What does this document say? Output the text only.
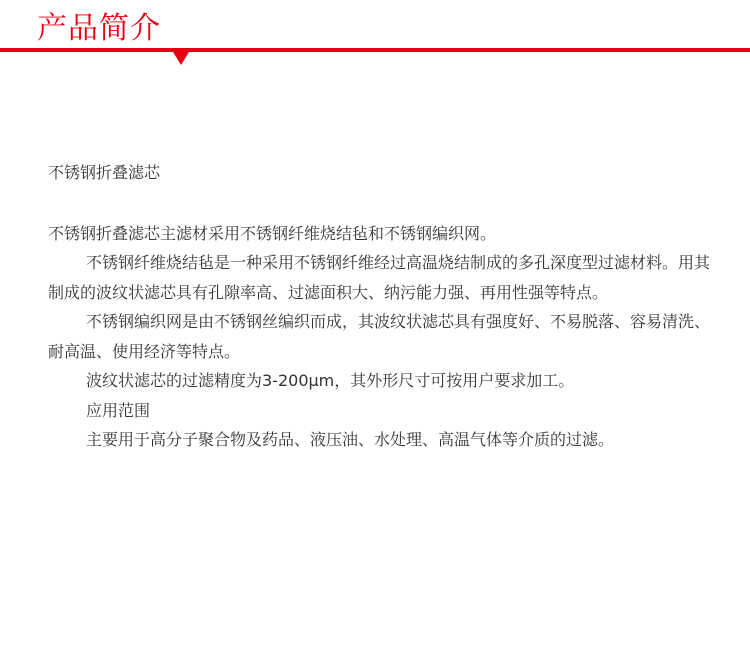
产品简介

不锈钢折叠滤芯

不锈钢折叠滤芯主滤材采用不锈钢纤维烧结毡和不锈钢编织网。

不锈钢纤维烧结毡是一种采用不锈钢纤维经过高温烧结制成的多孔深度型过滤材料。用其制成的波纹状滤芯具有孔隙率高、过滤面积大、纳污能力强、再用性强等特点。

不锈钢编织网是由不锈钢丝编织而成，其波纹状滤芯具有强度好、不易脱落、容易清洗、耐高温、使用经济等特点。

波纹状滤芯的过滤精度为3-200μm，其外形尺寸可按用户要求加工。

应用范围

主要用于高分子聚合物及药品、液压油、水处理、高温气体等介质的过滤。
